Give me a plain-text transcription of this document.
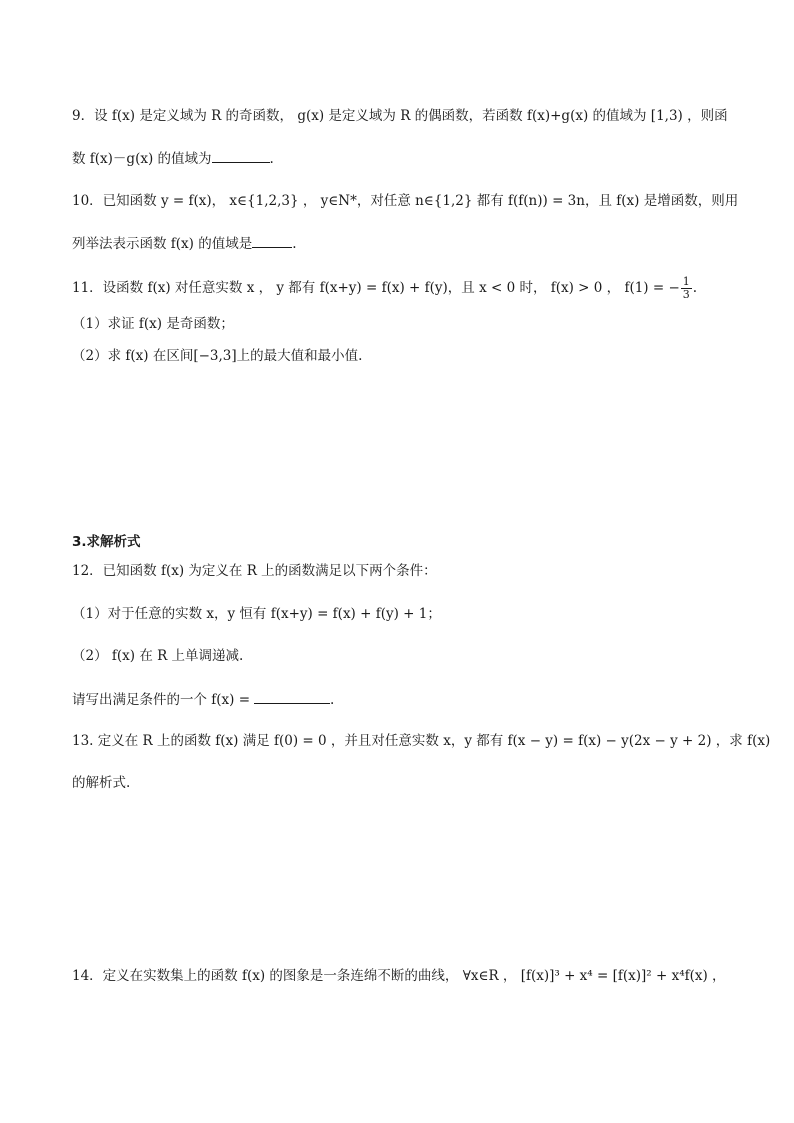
9．设 f(x) 是定义域为 R 的奇函数， g(x) 是定义域为 R 的偶函数，若函数 f(x)+g(x) 的值域为 [1,3) ，则函
数 f(x)－g(x) 的值域为	.
10．已知函数 y = f(x)， x∈{1,2,3} ， y∈N*，对任意 n∈{1,2} 都有 f(f(n)) = 3n，且 f(x) 是增函数，则用
列举法表示函数 f(x) 的值域是	.
11．设函数 f(x) 对任意实数 x ， y 都有 f(x+y) = f(x) + f(y)，且 x < 0 时， f(x) > 0 ， f(1) = − $\frac{1}{3}$ .
（1）求证 f(x) 是奇函数；
（2）求 f(x) 在区间[−3,3]上的最大值和最小值.
3.求解析式
12．已知函数 f(x) 为定义在 R 上的函数满足以下两个条件：
（1）对于任意的实数 x，y 恒有 f(x+y) = f(x) + f(y) + 1；
（2） f(x) 在 R 上单调递减.
请写出满足条件的一个 f(x) =	.
13. 定义在 R 上的函数 f(x) 满足 f(0) = 0 ，并且对任意实数 x，y 都有 f(x − y) = f(x) − y(2x − y + 2) ，求 f(x)
的解析式.
14．定义在实数集上的函数 f(x) 的图象是一条连绵不断的曲线， ∀x∈R ， [f(x)]³ + x⁴ = [f(x)]² + x⁴f(x) ，
